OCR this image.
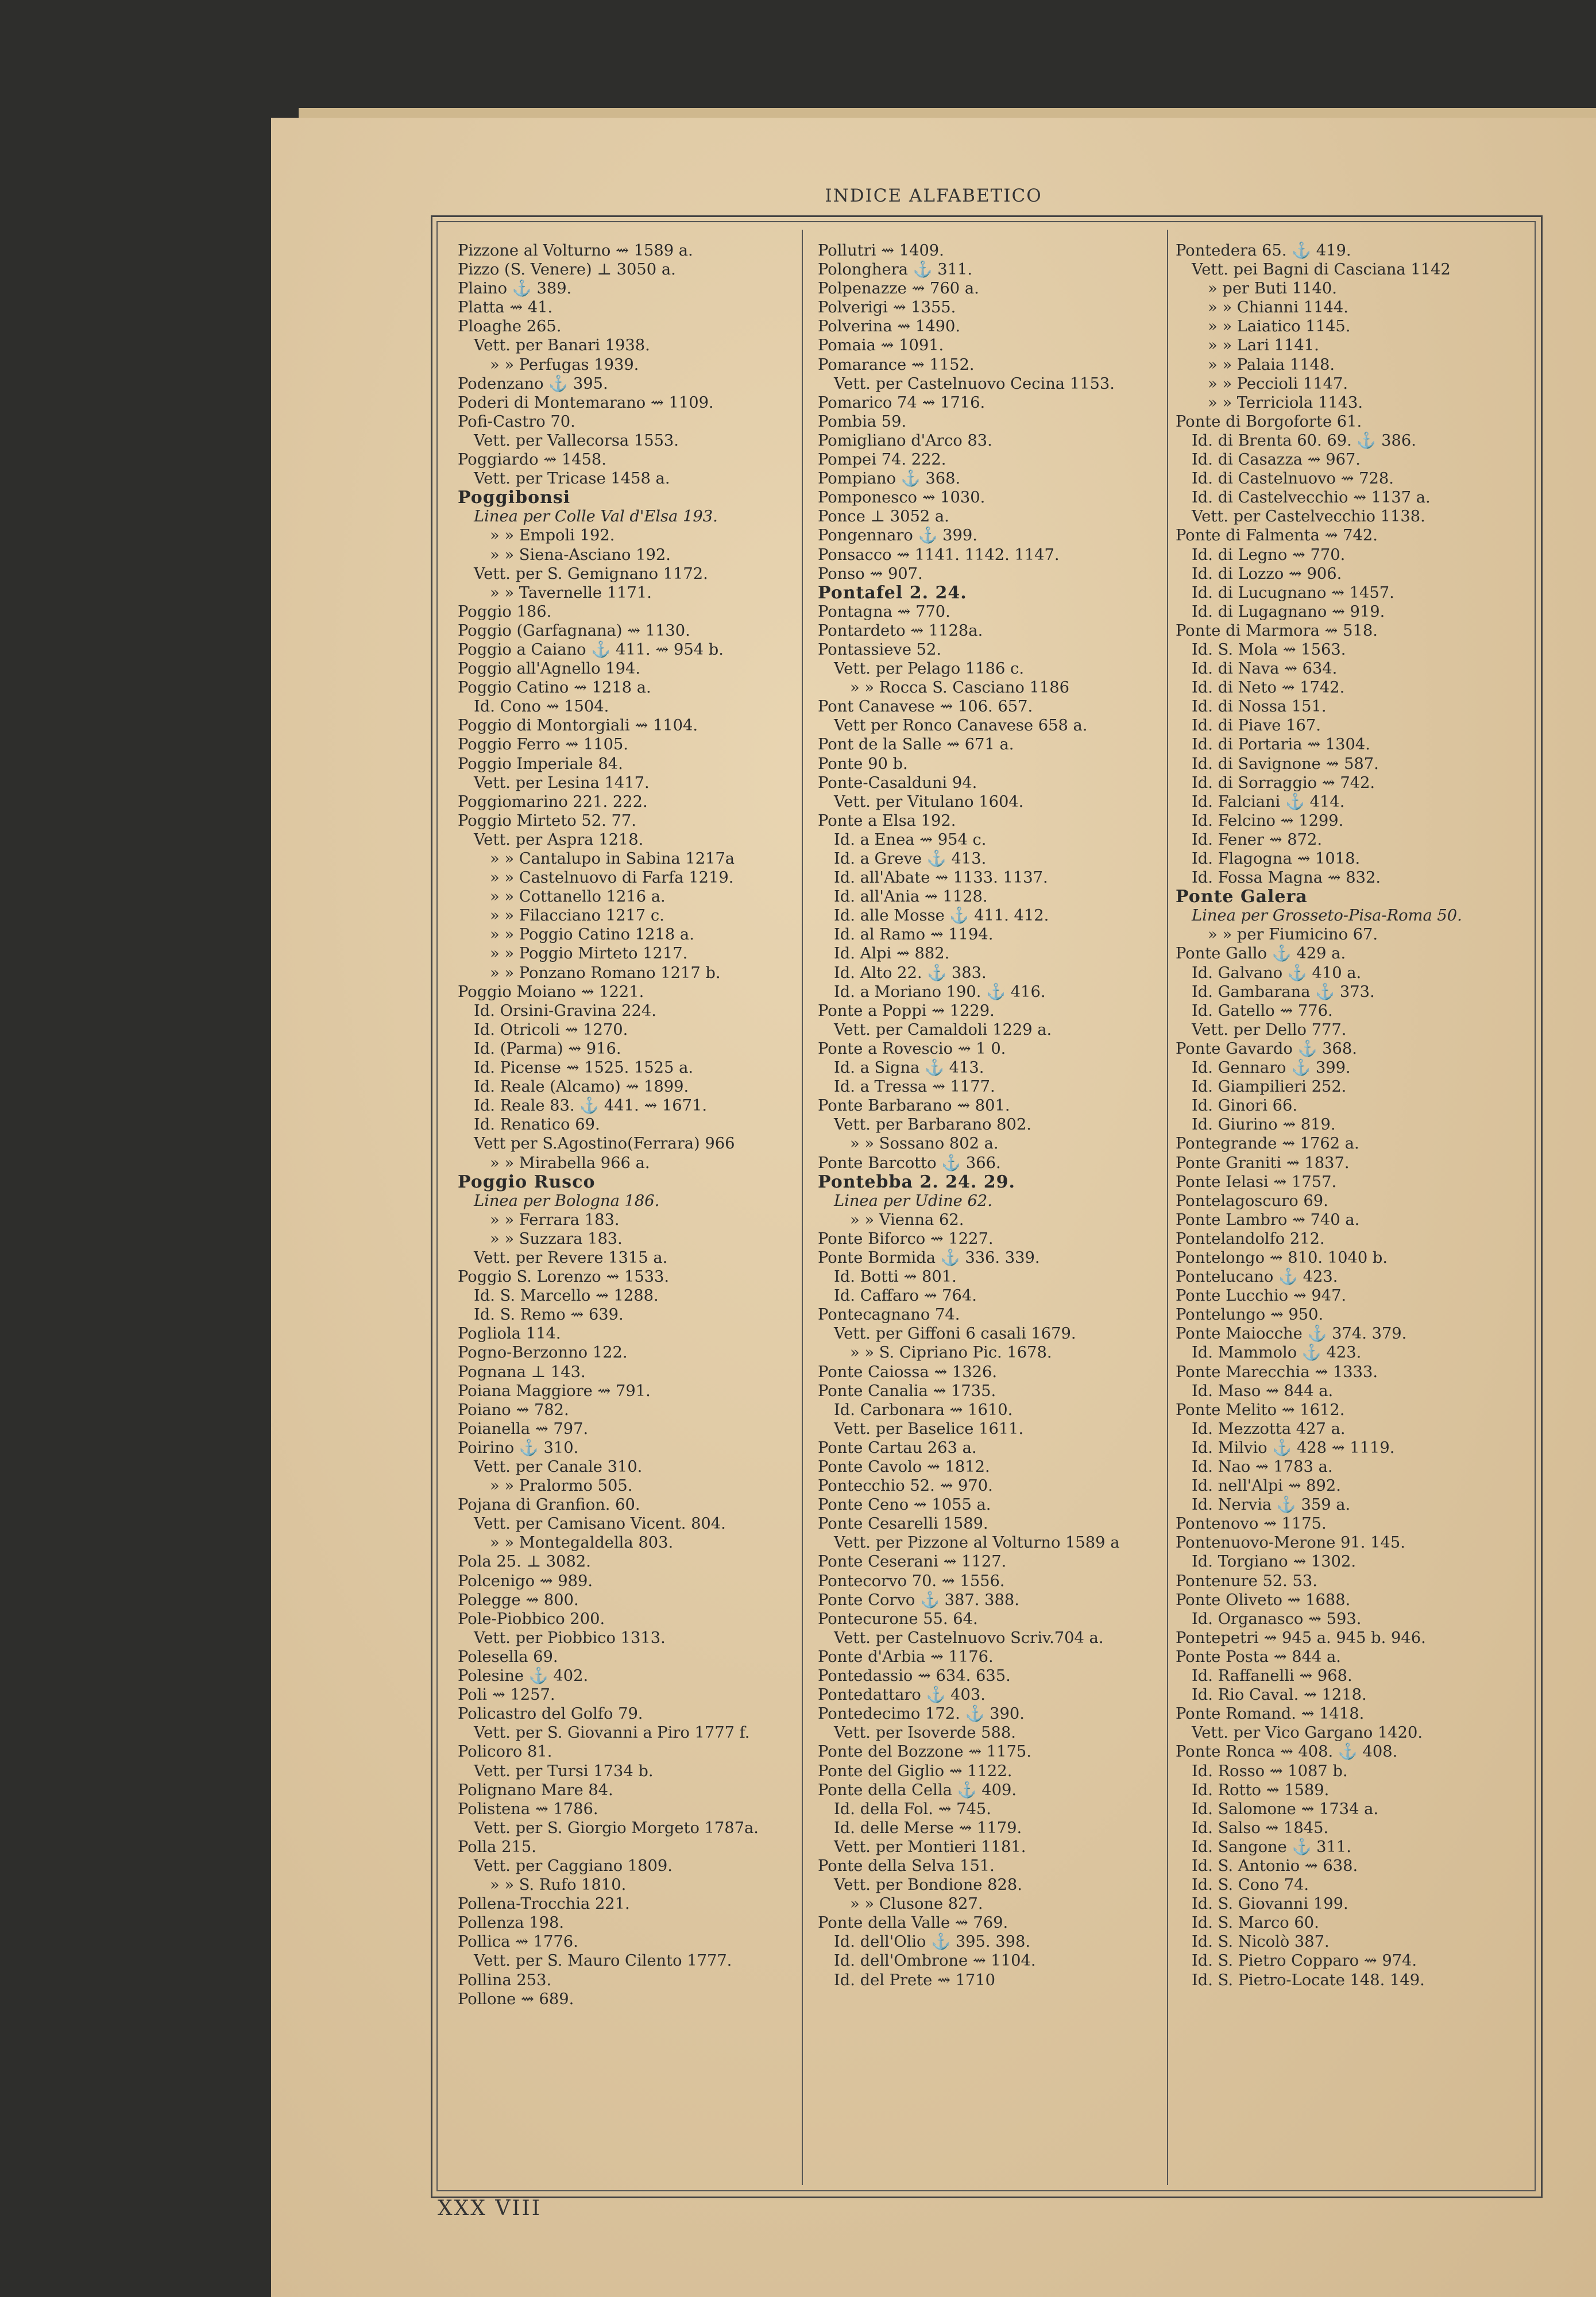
INDICE ALFABETICO
Pizzone al Volturno ⇝ 1589 a.
Pizzo (S. Venere) ⊥ 3050 a.
Plaino ⚓ 389.
Platta ⇝ 41.
Ploaghe 265.
Vett. per Banari 1938.
» » Perfugas 1939.
Podenzano ⚓ 395.
Poderi di Montemarano ⇝ 1109.
Pofi-Castro 70.
Vett. per Vallecorsa 1553.
Poggiardo ⇝ 1458.
Vett. per Tricase 1458 a.
Poggibonsi
Linea per Colle Val d'Elsa 193.
» » Empoli 192.
» » Siena-Asciano 192.
Vett. per S. Gemignano 1172.
» » Tavernelle 1171.
Poggio 186.
Poggio (Garfagnana) ⇝ 1130.
Poggio a Caiano ⚓ 411. ⇝ 954 b.
Poggio all'Agnello 194.
Poggio Catino ⇝ 1218 a.
Id. Cono ⇝ 1504.
Poggio di Montorgiali ⇝ 1104.
Poggio Ferro ⇝ 1105.
Poggio Imperiale 84.
Vett. per Lesina 1417.
Poggiomarino 221. 222.
Poggio Mirteto 52. 77.
Vett. per Aspra 1218.
» » Cantalupo in Sabina 1217a
» » Castelnuovo di Farfa 1219.
» » Cottanello 1216 a.
» » Filacciano 1217 c.
» » Poggio Catino 1218 a.
» » Poggio Mirteto 1217.
» » Ponzano Romano 1217 b.
Poggio Moiano ⇝ 1221.
Id. Orsini-Gravina 224.
Id. Otricoli ⇝ 1270.
Id. (Parma) ⇝ 916.
Id. Picense ⇝ 1525. 1525 a.
Id. Reale (Alcamo) ⇝ 1899.
Id. Reale 83. ⚓ 441. ⇝ 1671.
Id. Renatico 69.
Vett per S.Agostino(Ferrara) 966
» » Mirabella 966 a.
Poggio Rusco
Linea per Bologna 186.
» » Ferrara 183.
» » Suzzara 183.
Vett. per Revere 1315 a.
Poggio S. Lorenzo ⇝ 1533.
Id. S. Marcello ⇝ 1288.
Id. S. Remo ⇝ 639.
Pogliola 114.
Pogno-Berzonno 122.
Pognana ⊥ 143.
Poiana Maggiore ⇝ 791.
Poiano ⇝ 782.
Poianella ⇝ 797.
Poirino ⚓ 310.
Vett. per Canale 310.
» » Pralormo 505.
Pojana di Granfion. 60.
Vett. per Camisano Vicent. 804.
» » Montegaldella 803.
Pola 25. ⊥ 3082.
Polcenigo ⇝ 989.
Polegge ⇝ 800.
Pole-Piobbico 200.
Vett. per Piobbico 1313.
Polesella 69.
Polesine ⚓ 402.
Poli ⇝ 1257.
Policastro del Golfo 79.
Vett. per S. Giovanni a Piro 1777 f.
Policoro 81.
Vett. per Tursi 1734 b.
Polignano Mare 84.
Polistena ⇝ 1786.
Vett. per S. Giorgio Morgeto 1787a.
Polla 215.
Vett. per Caggiano 1809.
» » S. Rufo 1810.
Pollena-Trocchia 221.
Pollenza 198.
Pollica ⇝ 1776.
Vett. per S. Mauro Cilento 1777.
Pollina 253.
Pollone ⇝ 689.
Pollutri ⇝ 1409.
Polonghera ⚓ 311.
Polpenazze ⇝ 760 a.
Polverigi ⇝ 1355.
Polverina ⇝ 1490.
Pomaia ⇝ 1091.
Pomarance ⇝ 1152.
Vett. per Castelnuovo Cecina 1153.
Pomarico 74 ⇝ 1716.
Pombia 59.
Pomigliano d'Arco 83.
Pompei 74. 222.
Pompiano ⚓ 368.
Pomponesco ⇝ 1030.
Ponce ⊥ 3052 a.
Pongennaro ⚓ 399.
Ponsacco ⇝ 1141. 1142. 1147.
Ponso ⇝ 907.
Pontafel 2. 24.
Pontagna ⇝ 770.
Pontardeto ⇝ 1128a.
Pontassieve 52.
Vett. per Pelago 1186 c.
» » Rocca S. Casciano 1186
Pont Canavese ⇝ 106. 657.
Vett per Ronco Canavese 658 a.
Pont de la Salle ⇝ 671 a.
Ponte 90 b.
Ponte-Casalduni 94.
Vett. per Vitulano 1604.
Ponte a Elsa 192.
Id. a Enea ⇝ 954 c.
Id. a Greve ⚓ 413.
Id. all'Abate ⇝ 1133. 1137.
Id. all'Ania ⇝ 1128.
Id. alle Mosse ⚓ 411. 412.
Id. al Ramo ⇝ 1194.
Id. Alpi ⇝ 882.
Id. Alto 22. ⚓ 383.
Id. a Moriano 190. ⚓ 416.
Ponte a Poppi ⇝ 1229.
Vett. per Camaldoli 1229 a.
Ponte a Rovescio ⇝ 1 0.
Id. a Signa ⚓ 413.
Id. a Tressa ⇝ 1177.
Ponte Barbarano ⇝ 801.
Vett. per Barbarano 802.
» » Sossano 802 a.
Ponte Barcotto ⚓ 366.
Pontebba 2. 24. 29.
Linea per Udine 62.
» » Vienna 62.
Ponte Biforco ⇝ 1227.
Ponte Bormida ⚓ 336. 339.
Id. Botti ⇝ 801.
Id. Caffaro ⇝ 764.
Pontecagnano 74.
Vett. per Giffoni 6 casali 1679.
» » S. Cipriano Pic. 1678.
Ponte Caiossa ⇝ 1326.
Ponte Canalia ⇝ 1735.
Id. Carbonara ⇝ 1610.
Vett. per Baselice 1611.
Ponte Cartau 263 a.
Ponte Cavolo ⇝ 1812.
Pontecchio 52. ⇝ 970.
Ponte Ceno ⇝ 1055 a.
Ponte Cesarelli 1589.
Vett. per Pizzone al Volturno 1589 a
Ponte Ceserani ⇝ 1127.
Pontecorvo 70. ⇝ 1556.
Ponte Corvo ⚓ 387. 388.
Pontecurone 55. 64.
Vett. per Castelnuovo Scriv.704 a.
Ponte d'Arbia ⇝ 1176.
Pontedassio ⇝ 634. 635.
Pontedattaro ⚓ 403.
Pontedecimo 172. ⚓ 390.
Vett. per Isoverde 588.
Ponte del Bozzone ⇝ 1175.
Ponte del Giglio ⇝ 1122.
Ponte della Cella ⚓ 409.
Id. della Fol. ⇝ 745.
Id. delle Merse ⇝ 1179.
Vett. per Montieri 1181.
Ponte della Selva 151.
Vett. per Bondione 828.
» » Clusone 827.
Ponte della Valle ⇝ 769.
Id. dell'Olio ⚓ 395. 398.
Id. dell'Ombrone ⇝ 1104.
Id. del Prete ⇝ 1710
Pontedera 65. ⚓ 419.
Vett. pei Bagni di Casciana 1142
» per Buti 1140.
» » Chianni 1144.
» » Laiatico 1145.
» » Lari 1141.
» » Palaia 1148.
» » Peccioli 1147.
» » Terriciola 1143.
Ponte di Borgoforte 61.
Id. di Brenta 60. 69. ⚓ 386.
Id. di Casazza ⇝ 967.
Id. di Castelnuovo ⇝ 728.
Id. di Castelvecchio ⇝ 1137 a.
Vett. per Castelvecchio 1138.
Ponte di Falmenta ⇝ 742.
Id. di Legno ⇝ 770.
Id. di Lozzo ⇝ 906.
Id. di Lucugnano ⇝ 1457.
Id. di Lugagnano ⇝ 919.
Ponte di Marmora ⇝ 518.
Id. S. Mola ⇝ 1563.
Id. di Nava ⇝ 634.
Id. di Neto ⇝ 1742.
Id. di Nossa 151.
Id. di Piave 167.
Id. di Portaria ⇝ 1304.
Id. di Savignone ⇝ 587.
Id. di Sorraggio ⇝ 742.
Id. Falciani ⚓ 414.
Id. Felcino ⇝ 1299.
Id. Fener ⇝ 872.
Id. Flagogna ⇝ 1018.
Id. Fossa Magna ⇝ 832.
Ponte Galera
Linea per Grosseto-Pisa-Roma 50.
» » per Fiumicino 67.
Ponte Gallo ⚓ 429 a.
Id. Galvano ⚓ 410 a.
Id. Gambarana ⚓ 373.
Id. Gatello ⇝ 776.
Vett. per Dello 777.
Ponte Gavardo ⚓ 368.
Id. Gennaro ⚓ 399.
Id. Giampilieri 252.
Id. Ginori 66.
Id. Giurino ⇝ 819.
Pontegrande ⇝ 1762 a.
Ponte Graniti ⇝ 1837.
Ponte Ielasi ⇝ 1757.
Pontelagoscuro 69.
Ponte Lambro ⇝ 740 a.
Pontelandolfo 212.
Pontelongo ⇝ 810. 1040 b.
Pontelucano ⚓ 423.
Ponte Lucchio ⇝ 947.
Pontelungo ⇝ 950.
Ponte Maiocche ⚓ 374. 379.
Id. Mammolo ⚓ 423.
Ponte Marecchia ⇝ 1333.
Id. Maso ⇝ 844 a.
Ponte Melito ⇝ 1612.
Id. Mezzotta 427 a.
Id. Milvio ⚓ 428 ⇝ 1119.
Id. Nao ⇝ 1783 a.
Id. nell'Alpi ⇝ 892.
Id. Nervia ⚓ 359 a.
Pontenovo ⇝ 1175.
Pontenuovo-Merone 91. 145.
Id. Torgiano ⇝ 1302.
Pontenure 52. 53.
Ponte Oliveto ⇝ 1688.
Id. Organasco ⇝ 593.
Pontepetri ⇝ 945 a. 945 b. 946.
Ponte Posta ⇝ 844 a.
Id. Raffanelli ⇝ 968.
Id. Rio Caval. ⇝ 1218.
Ponte Romand. ⇝ 1418.
Vett. per Vico Gargano 1420.
Ponte Ronca ⇝ 408. ⚓ 408.
Id. Rosso ⇝ 1087 b.
Id. Rotto ⇝ 1589.
Id. Salomone ⇝ 1734 a.
Id. Salso ⇝ 1845.
Id. Sangone ⚓ 311.
Id. S. Antonio ⇝ 638.
Id. S. Cono 74.
Id. S. Giovanni 199.
Id. S. Marco 60.
Id. S. Nicolò 387.
Id. S. Pietro Copparo ⇝ 974.
Id. S. Pietro-Locate 148. 149.
XXX VIII
